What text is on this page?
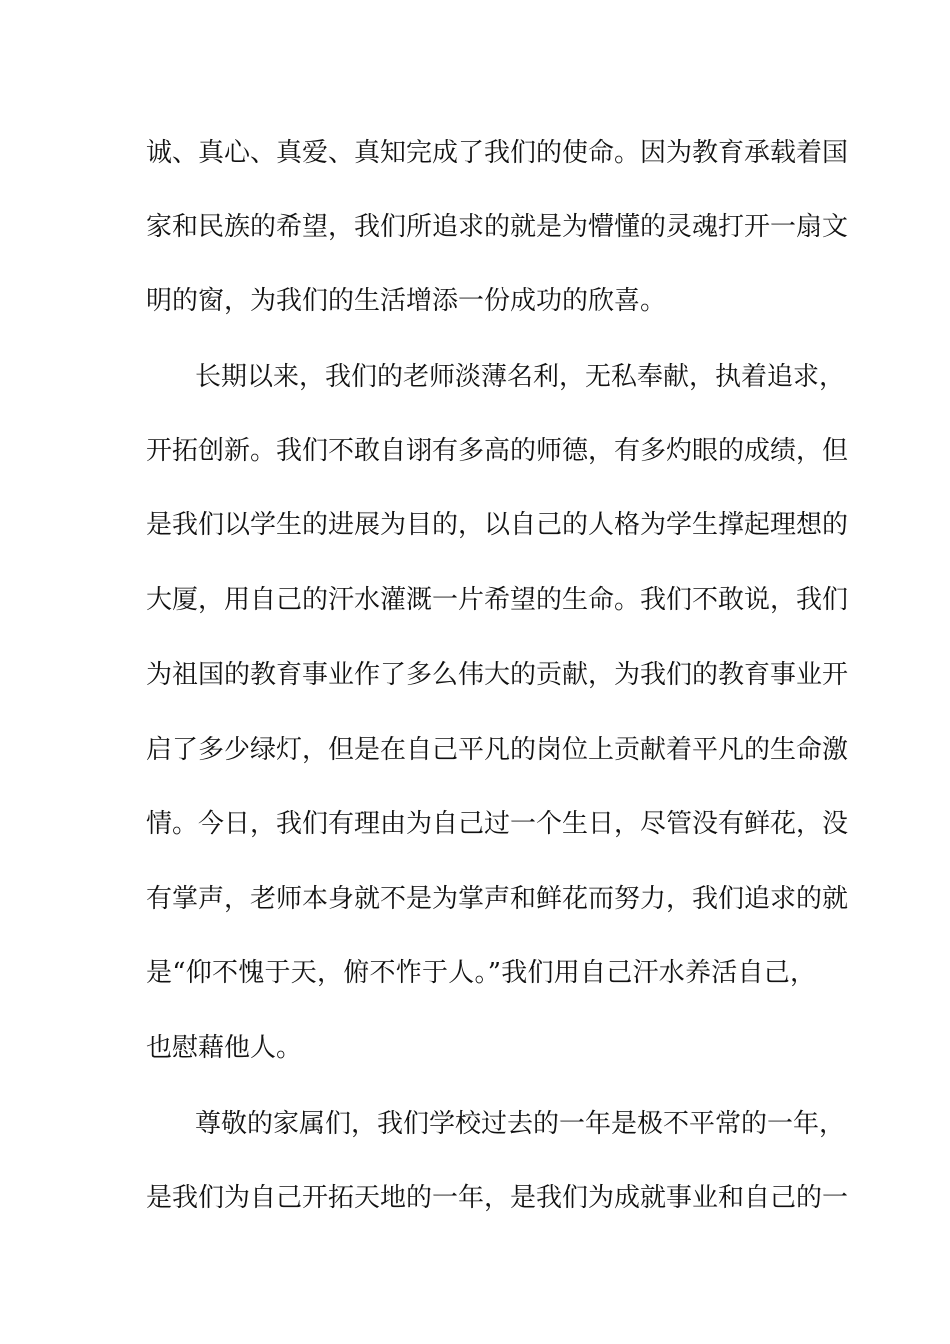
诚、真心、真爱、真知完成了我们的使命。因为教育承载着国

家和民族的希望，我们所追求的就是为懵懂的灵魂打开一扇文

明的窗，为我们的生活增添一份成功的欣喜。

长期以来，我们的老师淡薄名利，无私奉献，执着追求，

开拓创新。我们不敢自诩有多高的师德，有多灼眼的成绩，但

是我们以学生的进展为目的，以自己的人格为学生撑起理想的

大厦，用自己的汗水灌溉一片希望的生命。我们不敢说，我们

为祖国的教育事业作了多么伟大的贡献，为我们的教育事业开

启了多少绿灯，但是在自己平凡的岗位上贡献着平凡的生命激

情。今日，我们有理由为自己过一个生日，尽管没有鲜花，没

有掌声，老师本身就不是为掌声和鲜花而努力，我们追求的就

是“仰不愧于天，俯不怍于人。”我们用自己汗水养活自己，

也慰藉他人。

尊敬的家属们，我们学校过去的一年是极不平常的一年，

是我们为自己开拓天地的一年，是我们为成就事业和自己的一
